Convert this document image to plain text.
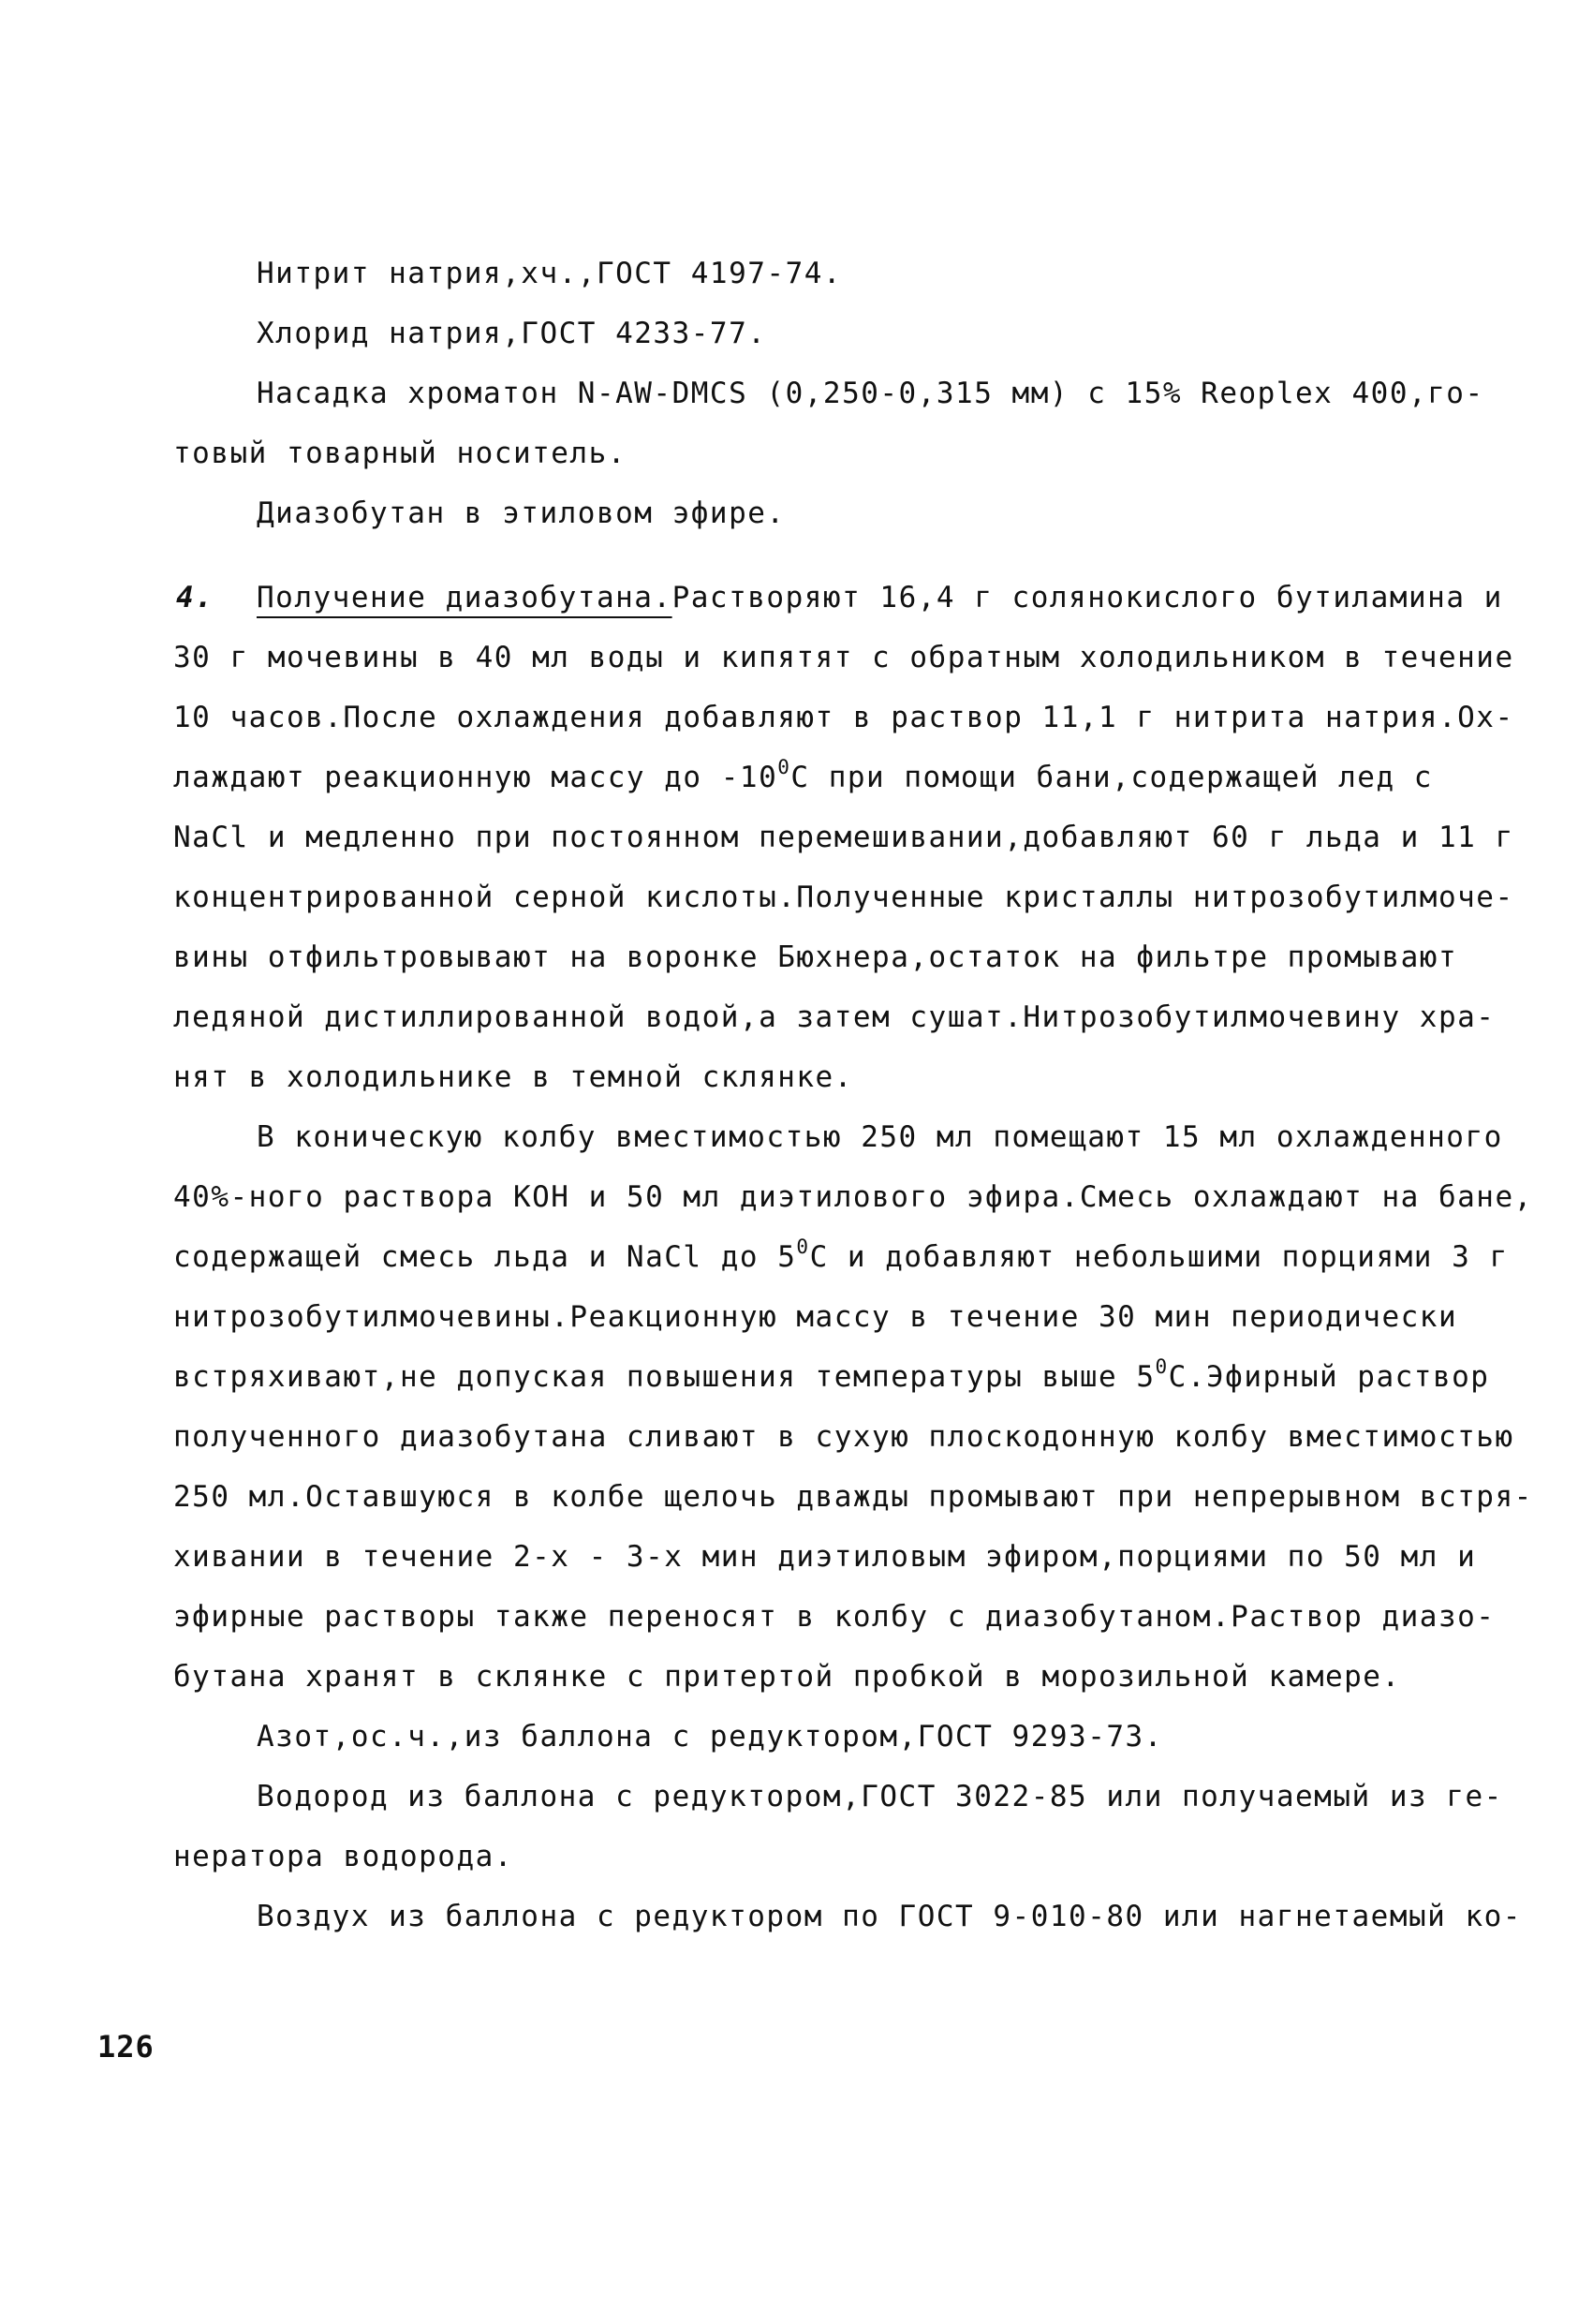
Нитрит натрия,хч.,ГОСТ 4197-74.
Хлорид натрия,ГОСТ 4233-77.
Насадка хроматон N-AW-DMCS (0,250-0,315 мм) с 15% Reoplex 400,го-
товый товарный носитель.
Диазобутан в этиловом эфире.
4. Получение диазобутана.Растворяют 16,4 г солянокислого бутиламина и
30 г мочевины в 40 мл воды и кипятят с обратным холодильником в течение
10 часов.После охлаждения добавляют в раствор 11,1 г нитрита натрия.Ох-
лаждают реакционную массу до $-10^0С$ при помощи бани,содержащей лед с
NaCl и медленно при постоянном перемешивании,добавляют 60 г льда и 11 г
концентрированной серной кислоты.Полученные кристаллы нитрозобутилмоче-
вины отфильтровывают на воронке Бюхнера,остаток на фильтре промывают
ледяной дистиллированной водой,а затем сушат.Нитрозобутилмочевину хра-
нят в холодильнике в темной склянке.
В коническую колбу вместимостью 250 мл помещают 15 мл охлажденного
40%-ного раствора КОН и 50 мл диэтилового эфира.Смесь охлаждают на бане,
содержащей смесь льда и NaCl до $5^0С$ и добавляют небольшими порциями 3 г
нитрозобутилмочевины.Реакционную массу в течение 30 мин периодически
встряхивают,не допуская повышения температуры выше $5^0С.Эфирный$ раствор
полученного диазобутана сливают в сухую плоскодонную колбу вместимостью
250 мл.Оставшуюся в колбе щелочь дважды промывают при непрерывном встря-
хивании в течение 2-х - 3-х мин диэтиловым эфиром,порциями по 50 мл и
эфирные растворы также переносят в колбу с диазобутаном.Раствор диазо-
бутана хранят в склянке с притертой пробкой в морозильной камере.
Азот,ос.ч.,из баллона с редуктором,ГОСТ 9293-73.
Водород из баллона с редуктором,ГОСТ 3022-85 или получаемый из ге-
нератора водорода.
Воздух из баллона с редуктором по ГОСТ 9-010-80 или нагнетаемый ко-
126
